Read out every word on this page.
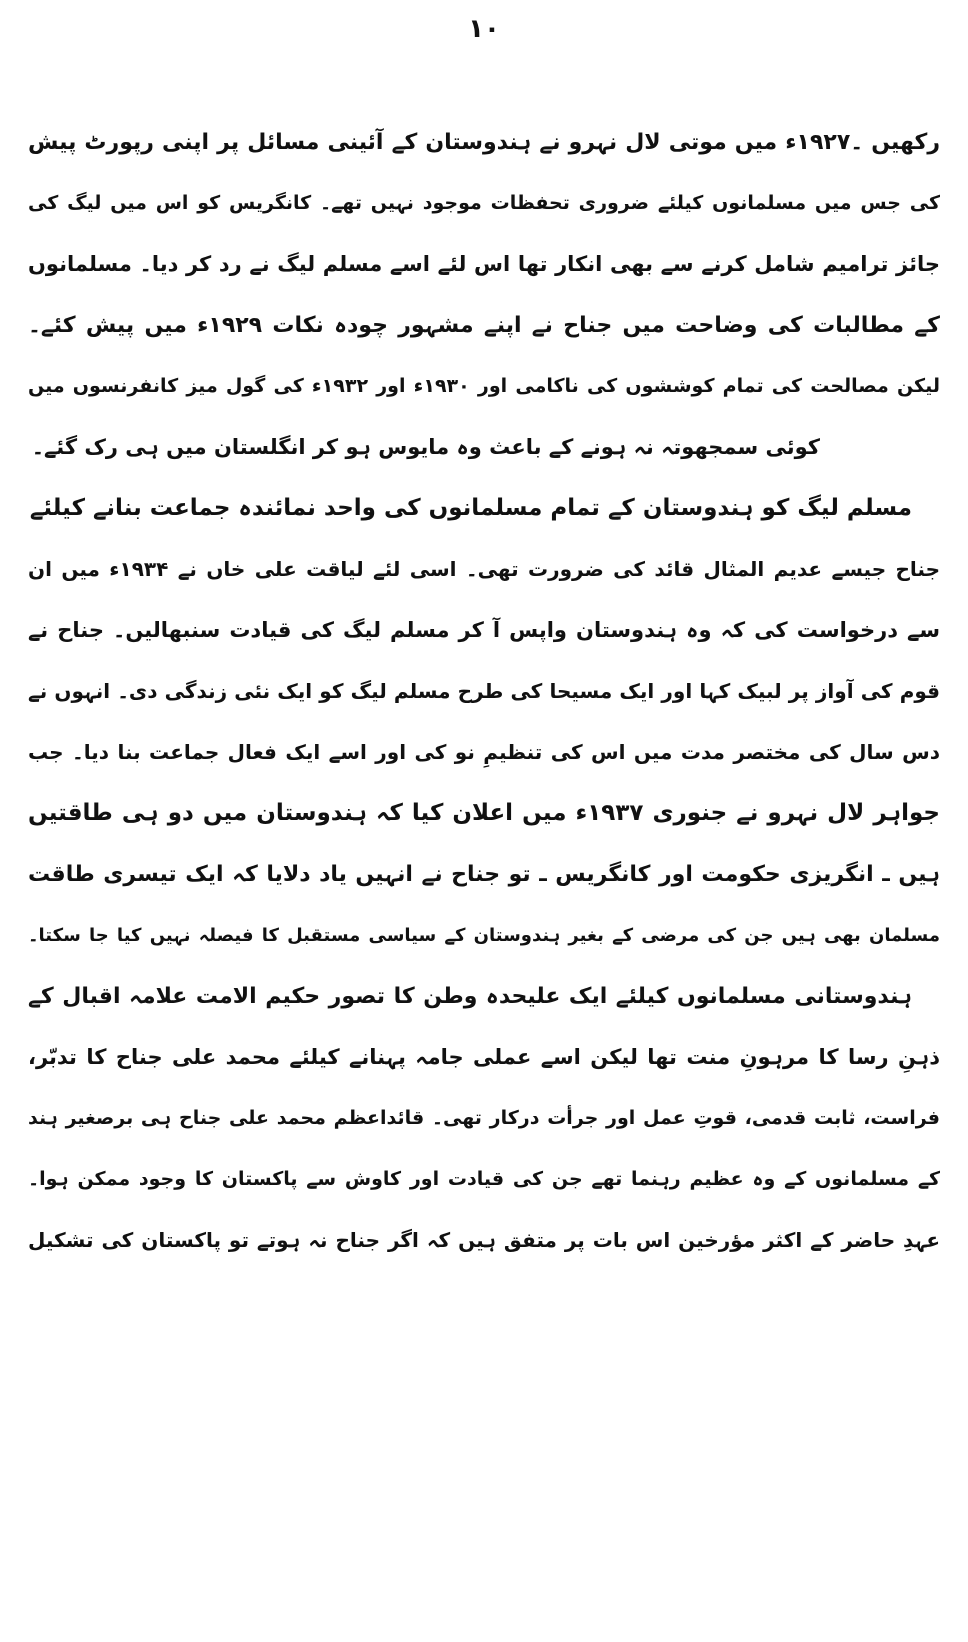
۱۰
رکھیں ۔۱۹۲۷ء میں موتی لال نہرو نے ہندوستان کے آئینی مسائل پر اپنی رپورٹ پیش
کی جس میں مسلمانوں کیلئے ضروری تحفظات موجود نہیں تھے۔ کانگریس کو اس میں لیگ کی
جائز ترامیم شامل کرنے سے بھی انکار تھا اس لئے اسے مسلم لیگ نے رد کر دیا۔ مسلمانوں
کے مطالبات کی وضاحت میں جناح نے اپنے مشہور چودہ نکات ۱۹۲۹ء میں پیش کئے۔
لیکن مصالحت کی تمام کوششوں کی ناکامی اور ۱۹۳۰ء اور ۱۹۳۲ء کی گول میز کانفرنسوں میں
کوئی سمجھوتہ نہ ہونے کے باعث وہ مایوس ہو کر انگلستان میں ہی رک گئے۔
مسلم لیگ کو ہندوستان کے تمام مسلمانوں کی واحد نمائندہ جماعت بنانے کیلئے
جناح جیسے عدیم المثال قائد کی ضرورت تھی۔ اسی لئے لیاقت علی خاں نے ۱۹۳۴ء میں ان
سے درخواست کی کہ وہ ہندوستان واپس آ کر مسلم لیگ کی قیادت سنبھالیں۔ جناح نے
قوم کی آواز پر لبیک کہا اور ایک مسیحا کی طرح مسلم لیگ کو ایک نئی زندگی دی۔ انہوں نے
دس سال کی مختصر مدت میں اس کی تنظیمِ نو کی اور اسے ایک فعال جماعت بنا دیا۔ جب
جواہر لال نہرو نے جنوری ۱۹۳۷ء میں اعلان کیا کہ ہندوستان میں دو ہی طاقتیں
ہیں ـ انگریزی حکومت اور کانگریس ـ تو جناح نے انہیں یاد دلایا کہ ایک تیسری طاقت
مسلمان بھی ہیں جن کی مرضی کے بغیر ہندوستان کے سیاسی مستقبل کا فیصلہ نہیں کیا جا سکتا۔
ہندوستانی مسلمانوں کیلئے ایک علیحدہ وطن کا تصور حکیم الامت علامہ اقبال کے
ذہنِ رسا کا مرہونِ منت تھا لیکن اسے عملی جامہ پہنانے کیلئے محمد علی جناح کا تدبّر،
فراست، ثابت قدمی، قوتِ عمل اور جرأت درکار تھی۔ قائداعظم محمد علی جناح ہی برصغیر ہند
کے مسلمانوں کے وہ عظیم رہنما تھے جن کی قیادت اور کاوش سے پاکستان کا وجود ممکن ہوا۔
عہدِ حاضر کے اکثر مؤرخین اس بات پر متفق ہیں کہ اگر جناح نہ ہوتے تو پاکستان کی تشکیل
